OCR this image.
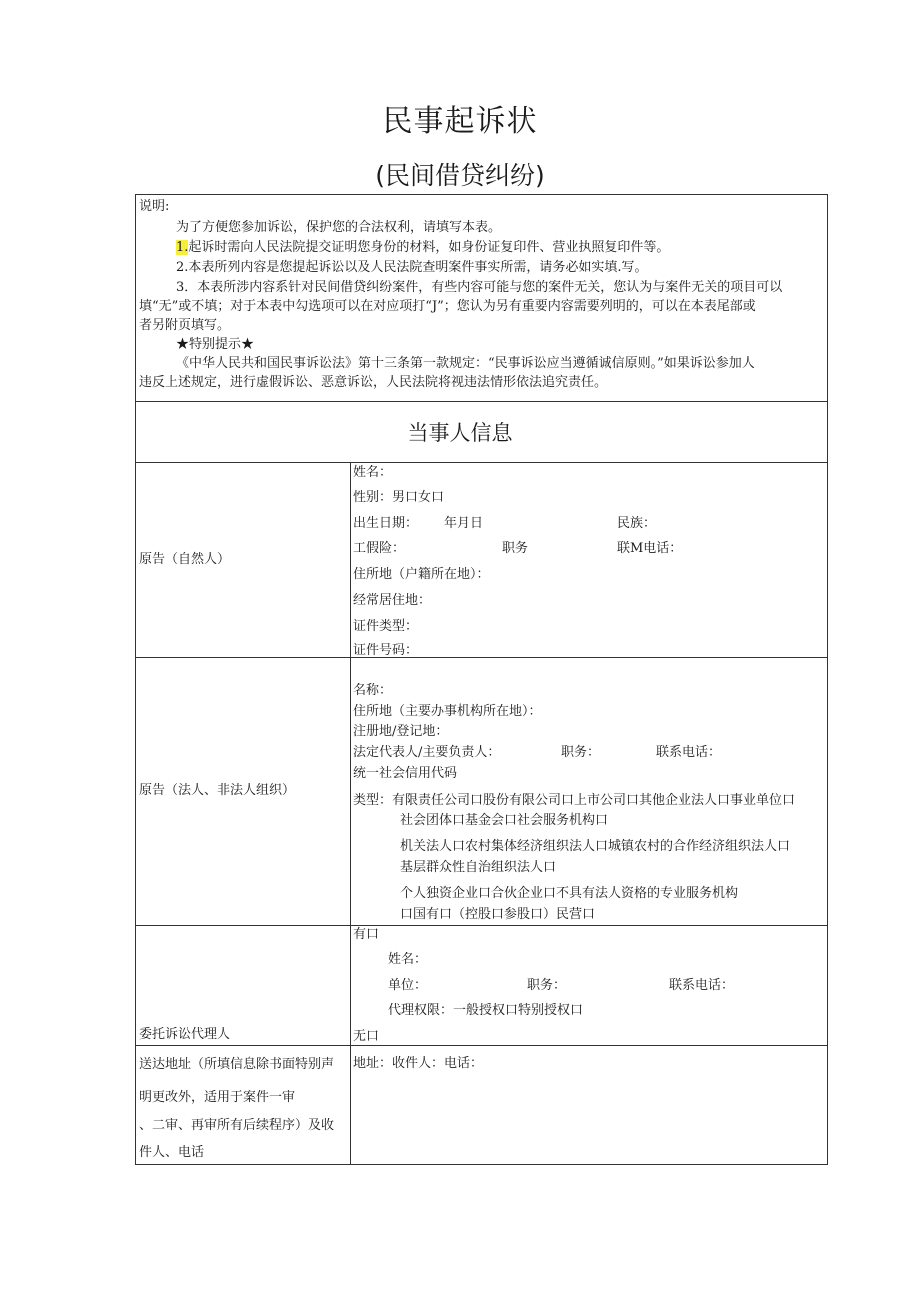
民事起诉状
(民间借贷纠纷)
说明:
为了方便您参加诉讼，保护您的合法权利，请填写本表。
1.起诉时需向人民法院提交证明您身份的材料，如身份证复印件、营业执照复印件等。
2.本表所列内容是您提起诉讼以及人民法院查明案件事实所需，请务必如实填.写。
3．本表所涉内容系针对民间借贷纠纷案件，有些内容可能与您的案件无关，您认为与案件无关的项目可以
填“无”或不填；对于本表中勾选项可以在对应项打“J”；您认为另有重要内容需要列明的，可以在本表尾部或
者另附页填写。
★特别提示★
《中华人民共和国民事诉讼法》第十三条第一款规定：“民事诉讼应当遵循诚信原则。”如果诉讼参加人
违反上述规定，进行虚假诉讼、恶意诉讼，人民法院将视违法情形依法追究责任。
当事人信息
原告（自然人）
姓名：
性别：男口女口
出生日期： 年月日	民族：
工假险：	职务	联M电话：
住所地（户籍所在地）：
经常居住地：
证件类型：
证件号码：
原告（法人、非法人组织）
名称：
住所地（主要办事机构所在地）：
注册地/登记地：
法定代表人/主要负责人：	职务：	联系电话：
统一社会信用代码
类型：有限责任公司口股份有限公司口上市公司口其他企业法人口事业单位口
社会团体口基金会口社会服务机构口
机关法人口农村集体经济组织法人口城镇农村的合作经济组织法人口
基层群众性自治组织法人口
个人独资企业口合伙企业口不具有法人资格的专业服务机构
口国有口（控股口参股口）民营口
委托诉讼代理人
有口
姓名：
单位：	职务：	联系电话：
代理权限：一般授权口特别授权口
无口
送达地址（所填信息除书面特别声
明更改外，适用于案件一审
、二审、再审所有后续程序）及收
件人、电话
地址：收件人：电话：
